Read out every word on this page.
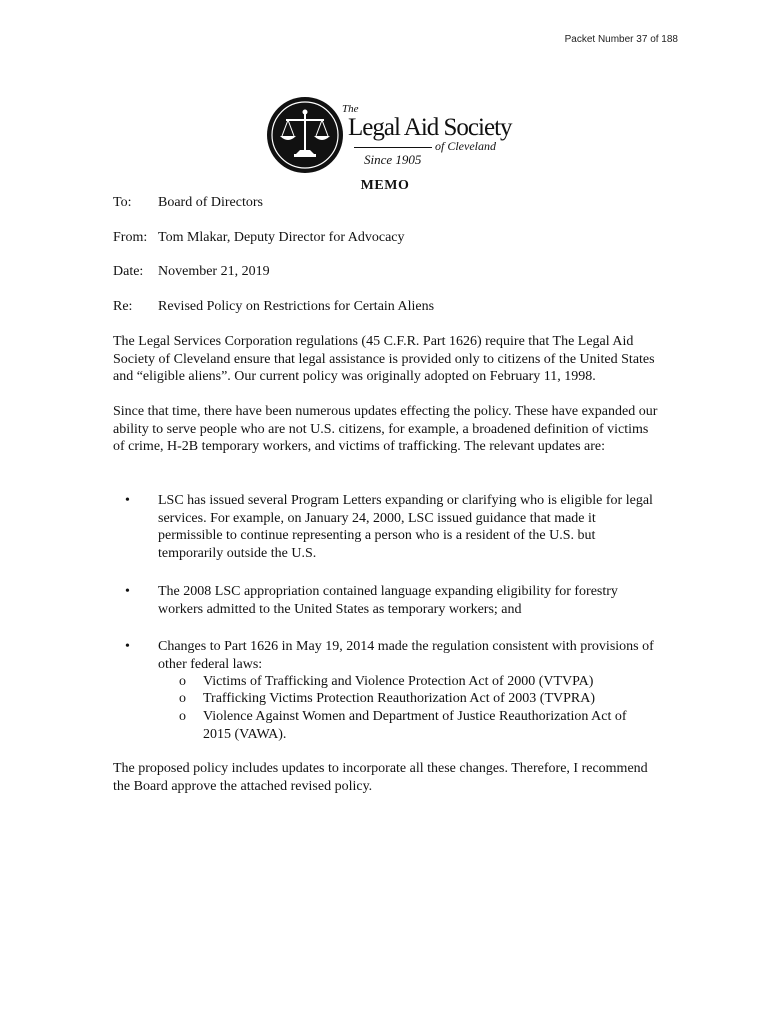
Packet Number 37 of 188
The
Legal Aid Society
of Cleveland
Since 1905
MEMO
To: Board of Directors
From: Tom Mlakar, Deputy Director for Advocacy
Date: November 21, 2019
Re: Revised Policy on Restrictions for Certain Aliens

The Legal Services Corporation regulations (45 C.F.R. Part 1626) require that The Legal Aid Society of Cleveland ensure that legal assistance is provided only to citizens of the United States and “eligible aliens”. Our current policy was originally adopted on February 11, 1998.

Since that time, there have been numerous updates effecting the policy. These have expanded our ability to serve people who are not U.S. citizens, for example, a broadened definition of victims of crime, H-2B temporary workers, and victims of trafficking. The relevant updates are:

• LSC has issued several Program Letters expanding or clarifying who is eligible for legal services. For example, on January 24, 2000, LSC issued guidance that made it permissible to continue representing a person who is a resident of the U.S. but temporarily outside the U.S.
• The 2008 LSC appropriation contained language expanding eligibility for forestry workers admitted to the United States as temporary workers; and
• Changes to Part 1626 in May 19, 2014 made the regulation consistent with provisions of other federal laws:
o Victims of Trafficking and Violence Protection Act of 2000 (VTVPA)
o Trafficking Victims Protection Reauthorization Act of 2003 (TVPRA)
o Violence Against Women and Department of Justice Reauthorization Act of 2015 (VAWA).

The proposed policy includes updates to incorporate all these changes. Therefore, I recommend the Board approve the attached revised policy.
